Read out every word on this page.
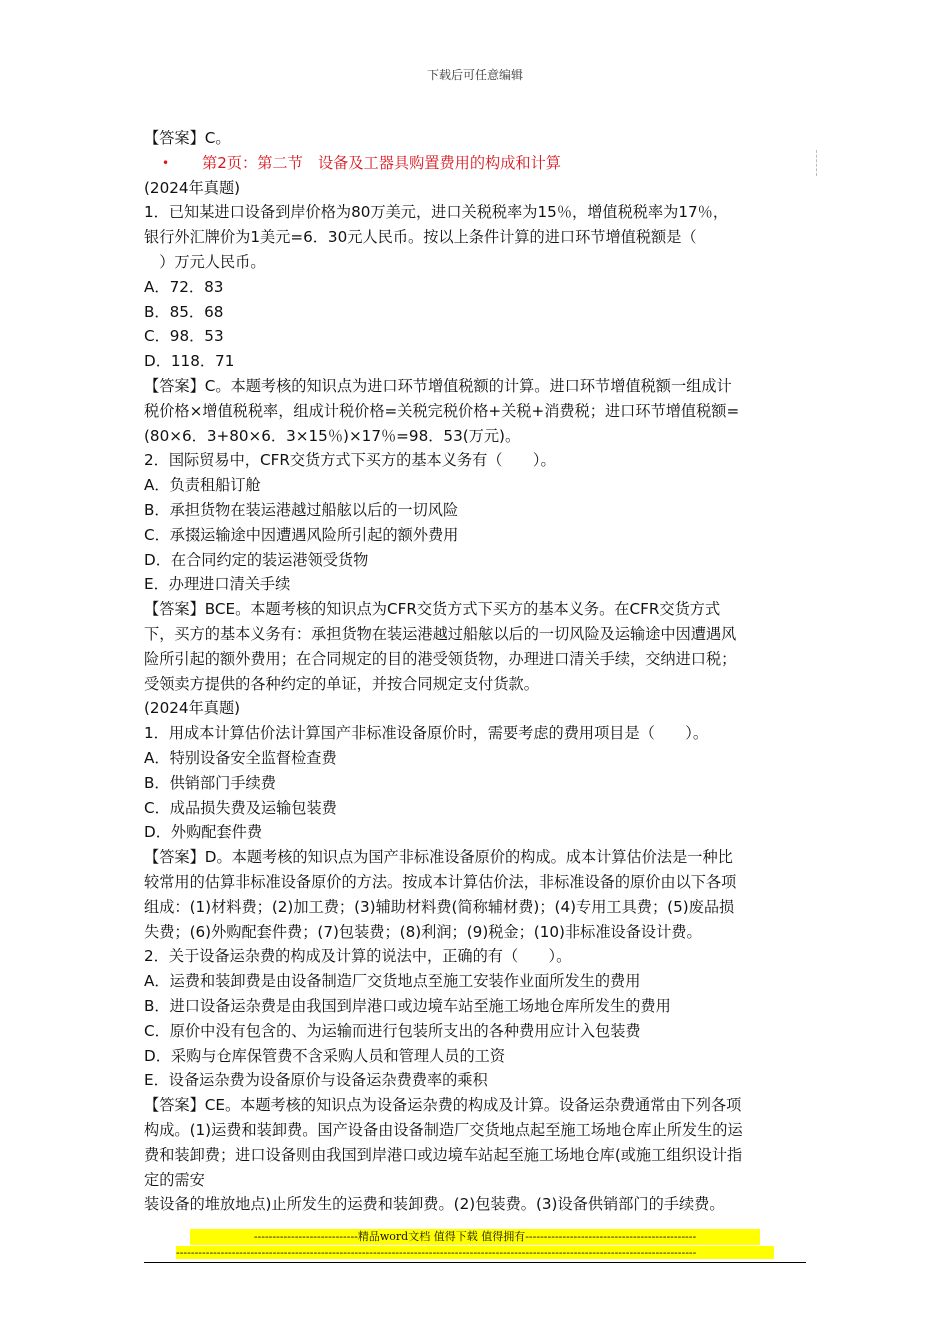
下载后可任意编辑

【答案】C。

• 第2页：第二节　设备及工器具购置费用的构成和计算

(2024年真题)

1．已知某进口设备到岸价格为80万美元，进口关税税率为15％，增值税税率为17％，

银行外汇牌价为1美元=6．30元人民币。按以上条件计算的进口环节增值税额是（

　）万元人民币。

A．72．83

B．85．68

C．98．53

D．118．71

【答案】C。本题考核的知识点为进口环节增值税额的计算。进口环节增值税额一组成计

税价格×增值税税率，组成计税价格=关税完税价格+关税+消费税；进口环节增值税额=

(80×6．3+80×6．3×15％)×17％=98．53(万元)。

2．国际贸易中，CFR交货方式下买方的基本义务有（　　）。

A．负责租船订舱

B．承担货物在装运港越过船舷以后的一切风险

C．承掇运输途中因遭遇风险所引起的额外费用

D．在合同约定的装运港领受货物

E．办理进口清关手续

【答案】BCE。本题考核的知识点为CFR交货方式下买方的基本义务。在CFR交货方式

下，买方的基本义务有：承担货物在装运港越过船舷以后的一切风险及运输途中因遭遇风

险所引起的额外费用；在合同规定的目的港受领货物，办理进口清关手续，交纳进口税；

受领卖方提供的各种约定的单证，并按合同规定支付货款。

(2024年真题)

1．用成本计算估价法计算国产非标准设备原价时，需要考虑的费用项目是（　　）。

A．特别设备安全监督检查费

B．供销部门手续费

C．成品损失费及运输包装费

D．外购配套件费

【答案】D。本题考核的知识点为国产非标准设备原价的构成。成本计算估价法是一种比

较常用的估算非标准设备原价的方法。按成本计算估价法，非标准设备的原价由以下各项

组成：(1)材料费；(2)加工费；(3)辅助材料费(简称辅材费)；(4)专用工具费；(5)废品损

失费；(6)外购配套件费；(7)包装费；(8)利润；(9)税金；(10)非标准设备设计费。

2．关于设备运杂费的构成及计算的说法中，正确的有（　　）。

A．运费和装卸费是由设备制造厂交货地点至施工安装作业面所发生的费用

B．进口设备运杂费是由我国到岸港口或边境车站至施工场地仓库所发生的费用

C．原价中没有包含的、为运输而进行包装所支出的各种费用应计入包装费

D．采购与仓库保管费不含采购人员和管理人员的工资

E．设备运杂费为设备原价与设备运杂费费率的乘积

【答案】CE。本题考核的知识点为设备运杂费的构成及计算。设备运杂费通常由下列各项

构成。(1)运费和装卸费。国产设备由设备制造厂交货地点起至施工场地仓库止所发生的运

费和装卸费；进口设备则由我国到岸港口或边境车站起至施工场地仓库(或施工组织设计指

定的需安

装设备的堆放地点)止所发生的运费和装卸费。(2)包装费。(3)设备供销部门的手续费。

----------------------------精品word文档 值得下载 值得拥有----------------------------------------------
--------------------------------------------------------------------------------------------------------------------------------------------
